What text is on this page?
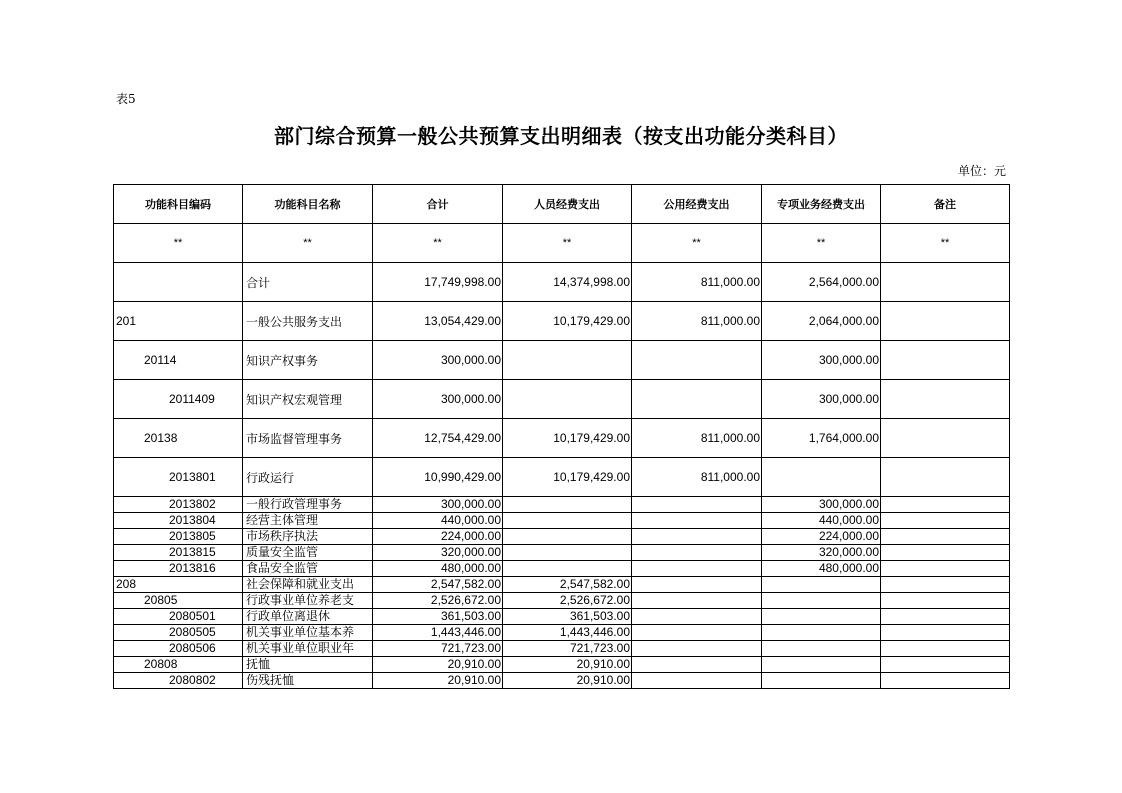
表5
部门综合预算一般公共预算支出明细表（按支出功能分类科目）
单位：元
功能科目编码	功能科目名称	合计	人员经费支出	公用经费支出	专项业务经费支出	备注
**	**	**	**	**	**	**
	合计	17,749,998.00	14,374,998.00	811,000.00	2,564,000.00	
201	一般公共服务支出	13,054,429.00	10,179,429.00	811,000.00	2,064,000.00	
20114	知识产权事务	300,000.00			300,000.00	
2011409	知识产权宏观管理	300,000.00			300,000.00	
20138	市场监督管理事务	12,754,429.00	10,179,429.00	811,000.00	1,764,000.00	
2013801	行政运行	10,990,429.00	10,179,429.00	811,000.00		
2013802	一般行政管理事务	300,000.00			300,000.00	
2013804	经营主体管理	440,000.00			440,000.00	
2013805	市场秩序执法	224,000.00			224,000.00	
2013815	质量安全监管	320,000.00			320,000.00	
2013816	食品安全监管	480,000.00			480,000.00	
208	社会保障和就业支出	2,547,582.00	2,547,582.00			
20805	行政事业单位养老支	2,526,672.00	2,526,672.00			
2080501	行政单位离退休	361,503.00	361,503.00			
2080505	机关事业单位基本养	1,443,446.00	1,443,446.00			
2080506	机关事业单位职业年	721,723.00	721,723.00			
20808	抚恤	20,910.00	20,910.00			
2080802	伤残抚恤	20,910.00	20,910.00			
